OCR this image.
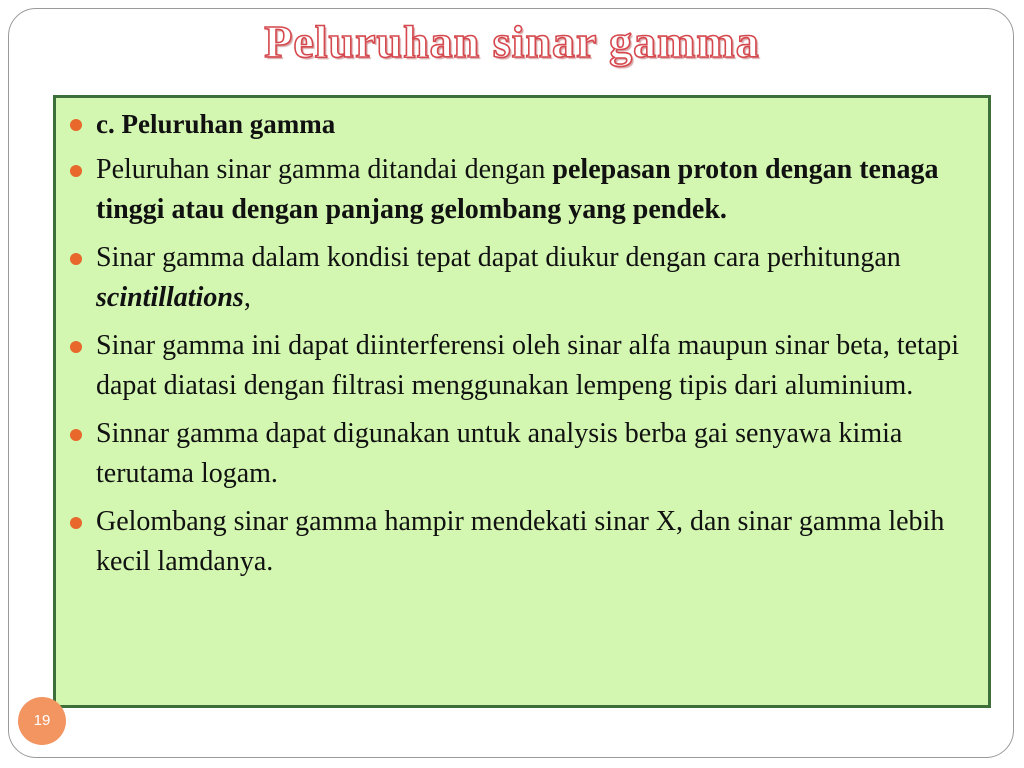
Peluruhan sinar gamma
c. Peluruhan gamma
Peluruhan sinar gamma ditandai dengan pelepasan proton dengan tenaga tinggi atau dengan panjang gelombang yang pendek.
Sinar gamma dalam kondisi tepat dapat diukur dengan cara perhitungan scintillations,
Sinar gamma ini dapat diinterferensi oleh sinar alfa maupun sinar beta, tetapi dapat diatasi dengan filtrasi menggunakan lempeng tipis dari aluminium.
Sinnar gamma dapat digunakan untuk analysis berba gai senyawa kimia terutama logam.
Gelombang sinar gamma hampir mendekati sinar X, dan sinar gamma lebih kecil lamdanya.
19
